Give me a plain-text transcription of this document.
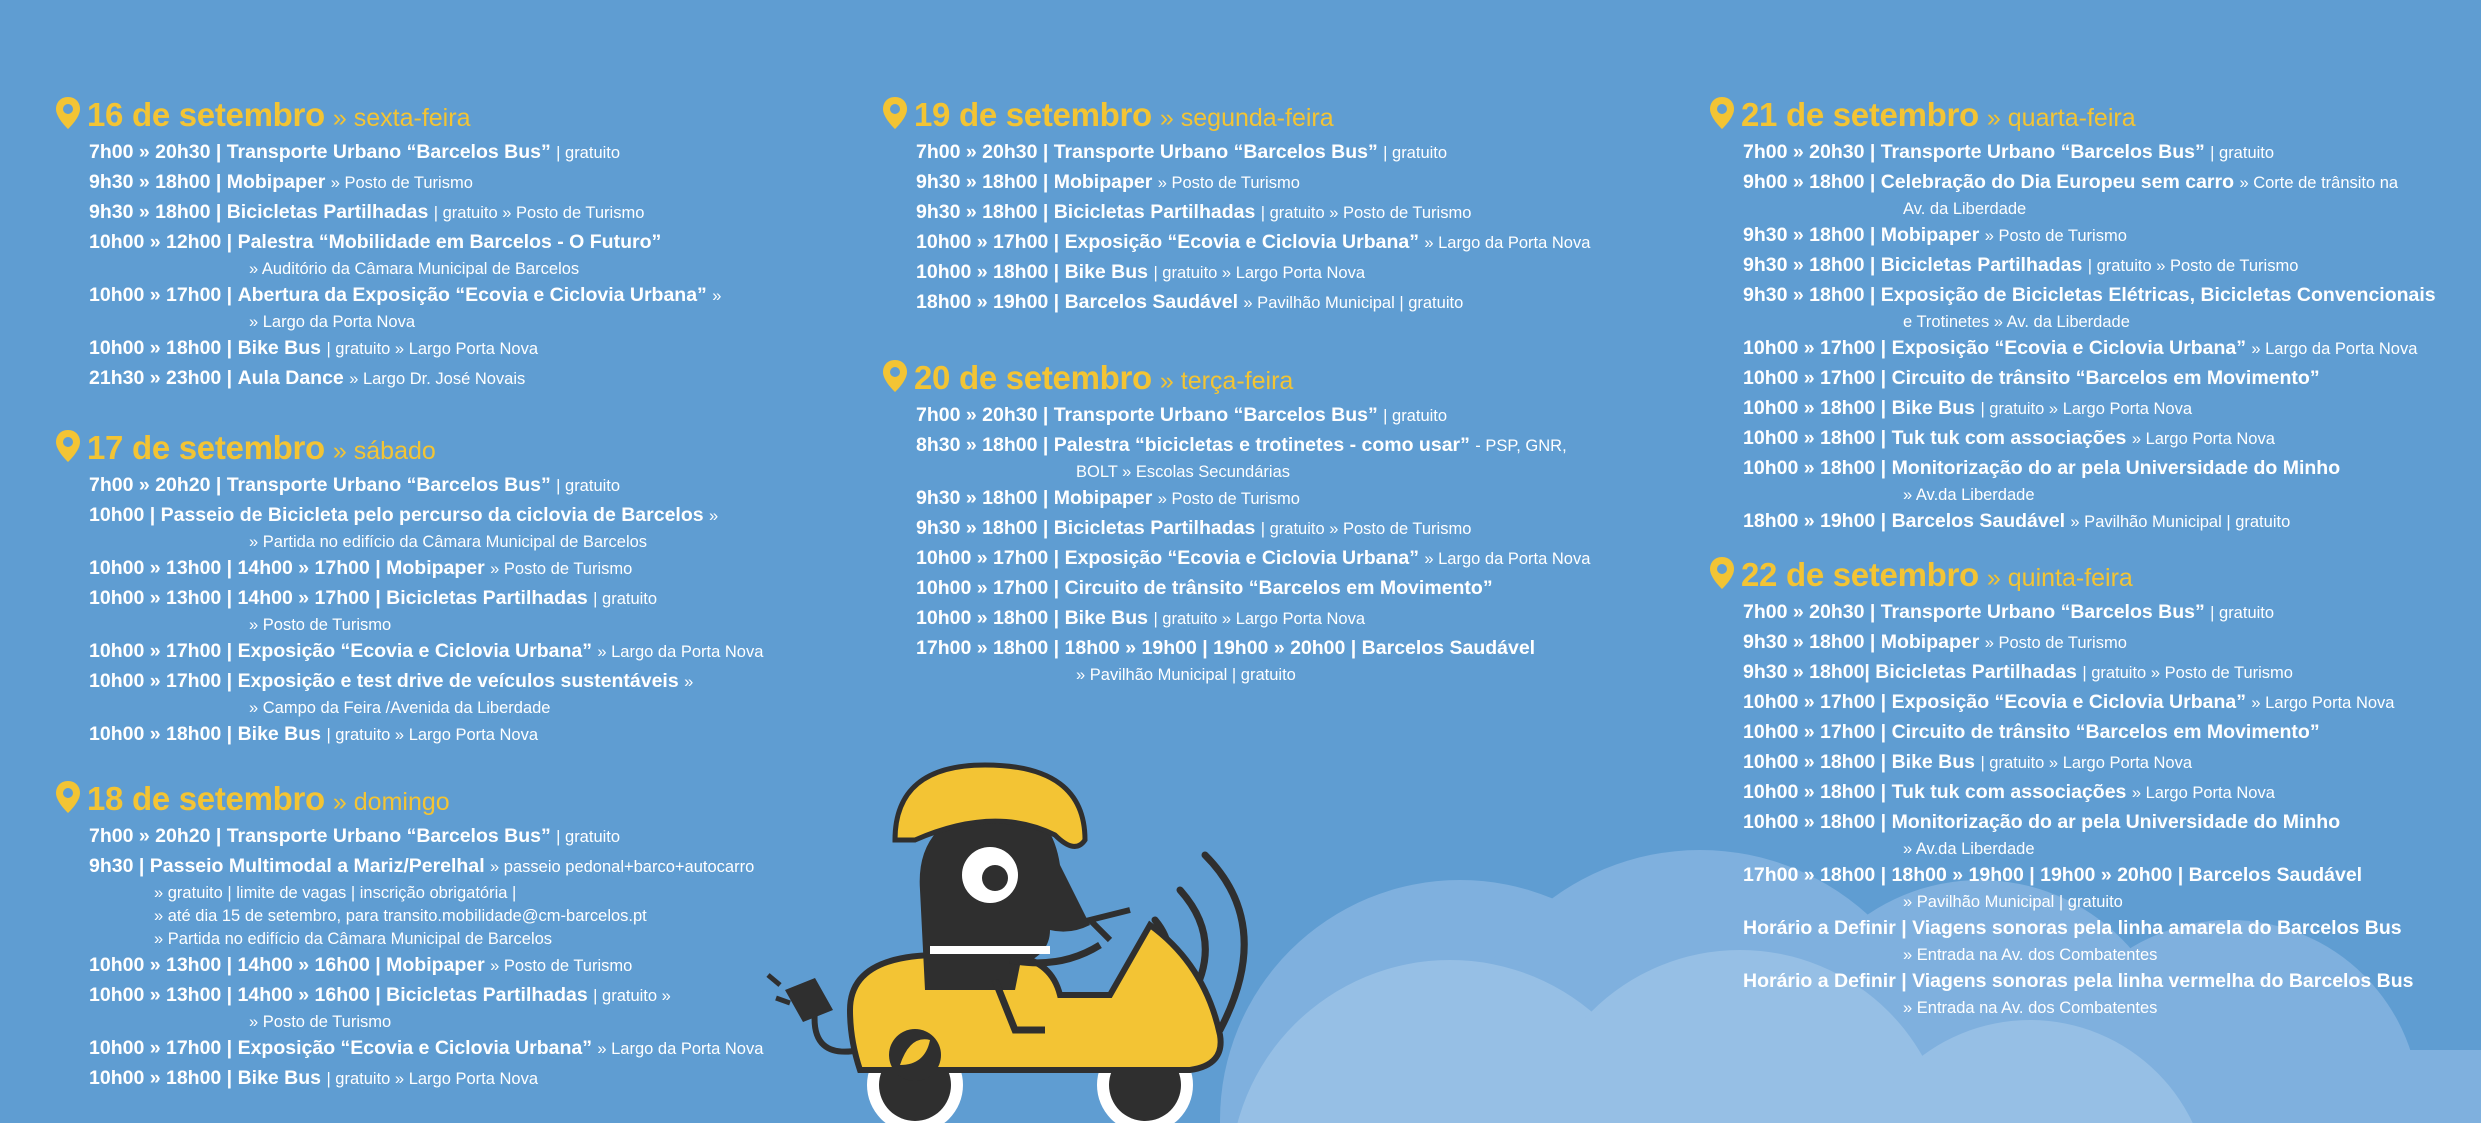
16 de setembro » sexta-feira
7h00 » 20h30 | Transporte Urbano “Barcelos Bus” | gratuito
9h30 » 18h00 | Mobipaper » Posto de Turismo
9h30 » 18h00 | Bicicletas Partilhadas | gratuito » Posto de Turismo
10h00 » 12h00 | Palestra “Mobilidade em Barcelos - O Futuro”
» Auditório da Câmara Municipal de Barcelos
10h00 » 17h00 | Abertura da Exposição “Ecovia e Ciclovia Urbana” »
» Largo da Porta Nova
10h00 » 18h00 | Bike Bus | gratuito » Largo Porta Nova
21h30 » 23h00 | Aula Dance » Largo Dr. José Novais
17 de setembro » sábado
7h00 » 20h20 | Transporte Urbano “Barcelos Bus” | gratuito
10h00 | Passeio de Bicicleta pelo percurso da ciclovia de Barcelos »
» Partida no edifício da Câmara Municipal de Barcelos
10h00 » 13h00 | 14h00 » 17h00 | Mobipaper » Posto de Turismo
10h00 » 13h00 | 14h00 » 17h00 | Bicicletas Partilhadas | gratuito
» Posto de Turismo
10h00 » 17h00 | Exposição “Ecovia e Ciclovia Urbana” » Largo da Porta Nova
10h00 » 17h00 | Exposição e test drive de veículos sustentáveis »
» Campo da Feira /Avenida da Liberdade
10h00 » 18h00 | Bike Bus | gratuito » Largo Porta Nova
18 de setembro » domingo
7h00 » 20h20 | Transporte Urbano “Barcelos Bus” | gratuito
9h30 | Passeio Multimodal a Mariz/Perelhal » passeio pedonal+barco+autocarro
» gratuito | limite de vagas | inscrição obrigatória |
» até dia 15 de setembro, para transito.mobilidade@cm-barcelos.pt
» Partida no edifício da Câmara Municipal de Barcelos
10h00 » 13h00 | 14h00 » 16h00 | Mobipaper » Posto de Turismo
10h00 » 13h00 | 14h00 » 16h00 | Bicicletas Partilhadas | gratuito »
» Posto de Turismo
10h00 » 17h00 | Exposição “Ecovia e Ciclovia Urbana” » Largo da Porta Nova
10h00 » 18h00 | Bike Bus | gratuito » Largo Porta Nova
19 de setembro » segunda-feira
7h00 » 20h30 | Transporte Urbano “Barcelos Bus” | gratuito
9h30 » 18h00 | Mobipaper » Posto de Turismo
9h30 » 18h00 | Bicicletas Partilhadas | gratuito » Posto de Turismo
10h00 » 17h00 | Exposição “Ecovia e Ciclovia Urbana” » Largo da Porta Nova
10h00 » 18h00 | Bike Bus | gratuito » Largo Porta Nova
18h00 » 19h00 | Barcelos Saudável » Pavilhão Municipal | gratuito
20 de setembro » terça-feira
7h00 » 20h30 | Transporte Urbano “Barcelos Bus” | gratuito
8h30 » 18h00 | Palestra “bicicletas e trotinetes - como usar” - PSP, GNR,
BOLT » Escolas Secundárias
9h30 » 18h00 | Mobipaper » Posto de Turismo
9h30 » 18h00 | Bicicletas Partilhadas | gratuito » Posto de Turismo
10h00 » 17h00 | Exposição “Ecovia e Ciclovia Urbana” » Largo da Porta Nova
10h00 » 17h00 | Circuito de trânsito “Barcelos em Movimento”
10h00 » 18h00 | Bike Bus | gratuito » Largo Porta Nova
17h00 » 18h00 | 18h00 » 19h00 | 19h00 » 20h00 | Barcelos Saudável
» Pavilhão Municipal | gratuito
21 de setembro » quarta-feira
7h00 » 20h30 | Transporte Urbano “Barcelos Bus” | gratuito
9h00 » 18h00 | Celebração do Dia Europeu sem carro » Corte de trânsito na
Av. da Liberdade
9h30 » 18h00 | Mobipaper » Posto de Turismo
9h30 » 18h00 | Bicicletas Partilhadas | gratuito » Posto de Turismo
9h30 » 18h00 | Exposição de Bicicletas Elétricas, Bicicletas Convencionais
e Trotinetes » Av. da Liberdade
10h00 » 17h00 | Exposição “Ecovia e Ciclovia Urbana” » Largo da Porta Nova
10h00 » 17h00 | Circuito de trânsito “Barcelos em Movimento”
10h00 » 18h00 | Bike Bus | gratuito » Largo Porta Nova
10h00 » 18h00 | Tuk tuk com associações » Largo Porta Nova
10h00 » 18h00 | Monitorização do ar pela Universidade do Minho
» Av.da Liberdade
18h00 » 19h00 | Barcelos Saudável » Pavilhão Municipal | gratuito
22 de setembro » quinta-feira
7h00 » 20h30 | Transporte Urbano “Barcelos Bus” | gratuito
9h30 » 18h00 | Mobipaper » Posto de Turismo
9h30 » 18h00| Bicicletas Partilhadas | gratuito » Posto de Turismo
10h00 » 17h00 | Exposição “Ecovia e Ciclovia Urbana” » Largo Porta Nova
10h00 » 17h00 | Circuito de trânsito “Barcelos em Movimento”
10h00 » 18h00 | Bike Bus | gratuito » Largo Porta Nova
10h00 » 18h00 | Tuk tuk com associações » Largo Porta Nova
10h00 » 18h00 | Monitorização do ar pela Universidade do Minho
» Av.da Liberdade
17h00 » 18h00 | 18h00 » 19h00 | 19h00 » 20h00 | Barcelos Saudável
» Pavilhão Municipal | gratuito
Horário a Definir | Viagens sonoras pela linha amarela do Barcelos Bus
» Entrada na Av. dos Combatentes
Horário a Definir | Viagens sonoras pela linha vermelha do Barcelos Bus
» Entrada na Av. dos Combatentes
